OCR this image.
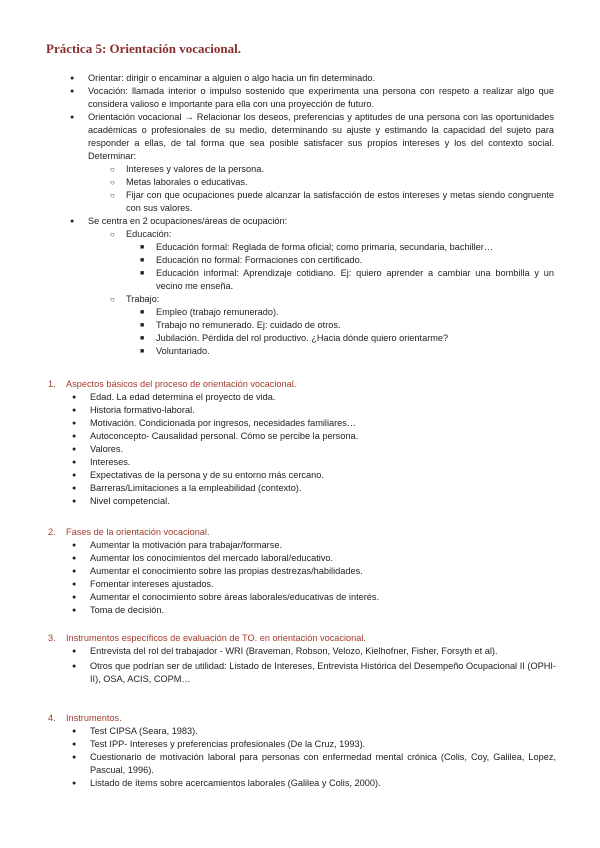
Práctica 5: Orientación vocacional.
● Orientar: dirigir o encaminar a alguien o algo hacia un fin determinado.
● Vocación: llamada interior o impulso sostenido que experimenta una persona con respeto a realizar algo que considera valioso e importante para ella con una proyección de futuro.
● Orientación vocacional → Relacionar los deseos, preferencias y aptitudes de una persona con las oportunidades académicas o profesionales de su medio, determinando su ajuste y estimando la capacidad del sujeto para responder a ellas, de tal forma que sea posible satisfacer sus propios intereses y los del contexto social. Determinar:
○ Intereses y valores de la persona.
○ Metas laborales o educativas.
○ Fijar con que ocupaciones puede alcanzar la satisfacción de estos intereses y metas siendo congruente con sus valores.
● Se centra en 2 ocupaciones/áreas de ocupación:
○ Educación:
■ Educación formal: Reglada de forma oficial; como primaria, secundaria, bachiller…
■ Educación no formal: Formaciones con certificado.
■ Educación informal: Aprendizaje cotidiano. Ej: quiero aprender a cambiar una bombilla y un vecino me enseña.
○ Trabajo:
■ Empleo (trabajo remunerado).
■ Trabajo no remunerado. Ej: cuidado de otros.
■ Jubilación. Pérdida del rol productivo. ¿Hacia dónde quiero orientarme?
■ Voluntariado.
1. Aspectos básicos del proceso de orientación vocacional.
● Edad. La edad determina el proyecto de vida.
● Historia formativo-laboral.
● Motivación. Condicionada por ingresos, necesidades familiares…
● Autoconcepto- Causalidad personal. Cómo se percibe la persona.
● Valores.
● Intereses.
● Expectativas de la persona y de su entorno más cercano.
● Barreras/Limitaciones a la empleabilidad (contexto).
● Nivel competencial.
2. Fases de la orientación vocacional.
● Aumentar la motivación para trabajar/formarse.
● Aumentar los conocimientos del mercado laboral/educativo.
● Aumentar el conocimiento sobre las propias destrezas/habilidades.
● Fomentar intereses ajustados.
● Aumentar el conocimiento sobre áreas laborales/educativas de interés.
● Toma de decisión.
3. Instrumentos específicos de evaluación de TO. en orientación vocacional.
● Entrevista del rol del trabajador - WRI (Braveman, Robson, Velozo, Kielhofner, Fisher, Forsyth et al).
● Otros que podrían ser de utilidad: Listado de Intereses, Entrevista Histórica del Desempeño Ocupacional II (OPHI-II), OSA, ACIS, COPM…
4. Instrumentos.
● Test CIPSA (Seara, 1983).
● Test IPP- Intereses y preferencias profesionales (De la Cruz, 1993).
● Cuestionario de motivación laboral para personas con enfermedad mental crónica (Colis, Coy, Galilea, Lopez, Pascual, 1996).
● Listado de ítems sobre acercamientos laborales (Galilea y Colis, 2000).
